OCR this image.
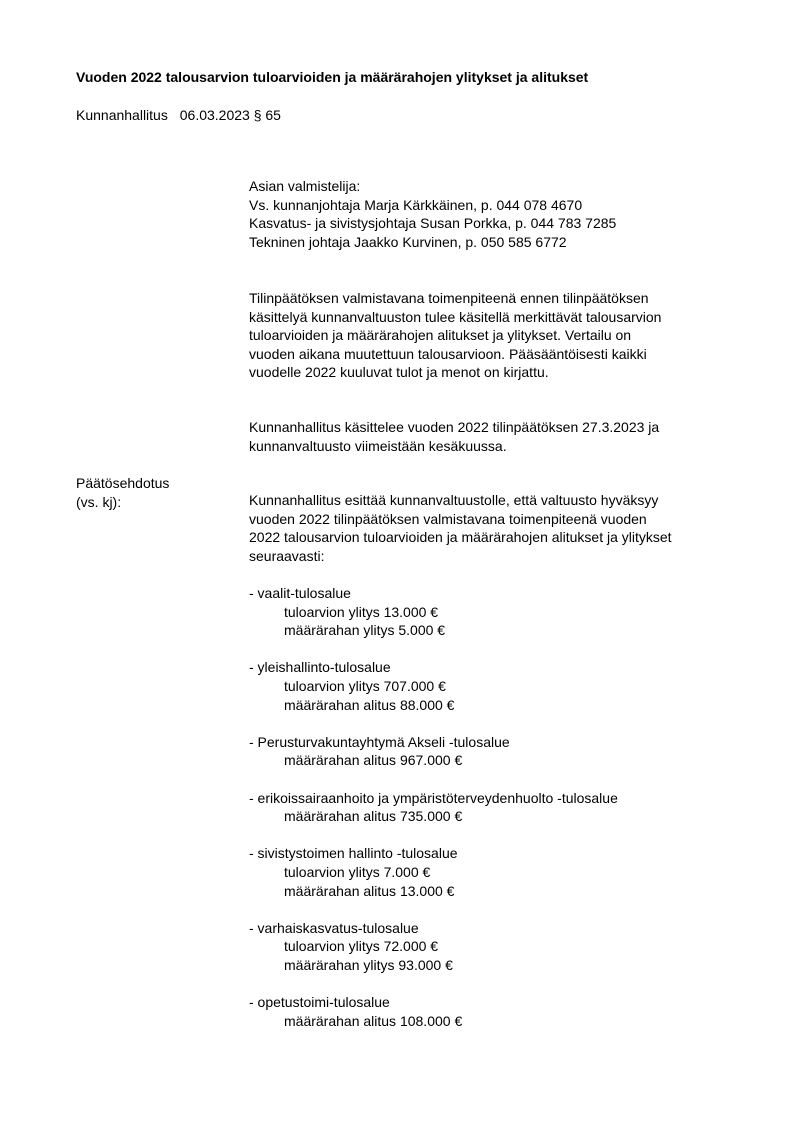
Vuoden 2022 talousarvion tuloarvioiden ja määrärahojen ylitykset ja alitukset
Kunnanhallitus 06.03.2023 § 65

Asian valmistelija:

Vs. kunnanjohtaja Marja Kärkkäinen, p. 044 078 4670

Kasvatus- ja sivistysjohtaja Susan Porkka, p. 044 783 7285

Tekninen johtaja Jaakko Kurvinen, p. 050 585 6772

Tilinpäätöksen valmistavana toimenpiteenä ennen tilinpäätöksen

käsittelyä kunnanvaltuuston tulee käsitellä merkittävät talousarvion

tuloarvioiden ja määrärahojen alitukset ja ylitykset. Vertailu on

vuoden aikana muutettuun talousarvioon. Pääsääntöisesti kaikki

vuodelle 2022 kuuluvat tulot ja menot on kirjattu.

Kunnanhallitus käsittelee vuoden 2022 tilinpäätöksen 27.3.2023 ja

kunnanvaltuusto viimeistään kesäkuussa.

Päätösehdotus

(vs. kj):	Kunnanhallitus esittää kunnanvaltuustolle, että valtuusto hyväksyy

vuoden 2022 tilinpäätöksen valmistavana toimenpiteenä vuoden

2022 talousarvion tuloarvioiden ja määrärahojen alitukset ja ylitykset

seuraavasti:

- vaalit-tulosalue

tuloarvion ylitys 13.000 €

määrärahan ylitys 5.000 €

- yleishallinto-tulosalue

tuloarvion ylitys 707.000 €

määrärahan alitus 88.000 €

- Perusturvakuntayhtymä Akseli -tulosalue

määrärahan alitus 967.000 €

- erikoissairaanhoito ja ympäristöterveydenhuolto -tulosalue

määrärahan alitus 735.000 €

- sivistystoimen hallinto -tulosalue

tuloarvion ylitys 7.000 €

määrärahan alitus 13.000 €

- varhaiskasvatus-tulosalue

tuloarvion ylitys 72.000 €

määrärahan ylitys 93.000 €

- opetustoimi-tulosalue

määrärahan alitus 108.000 €
